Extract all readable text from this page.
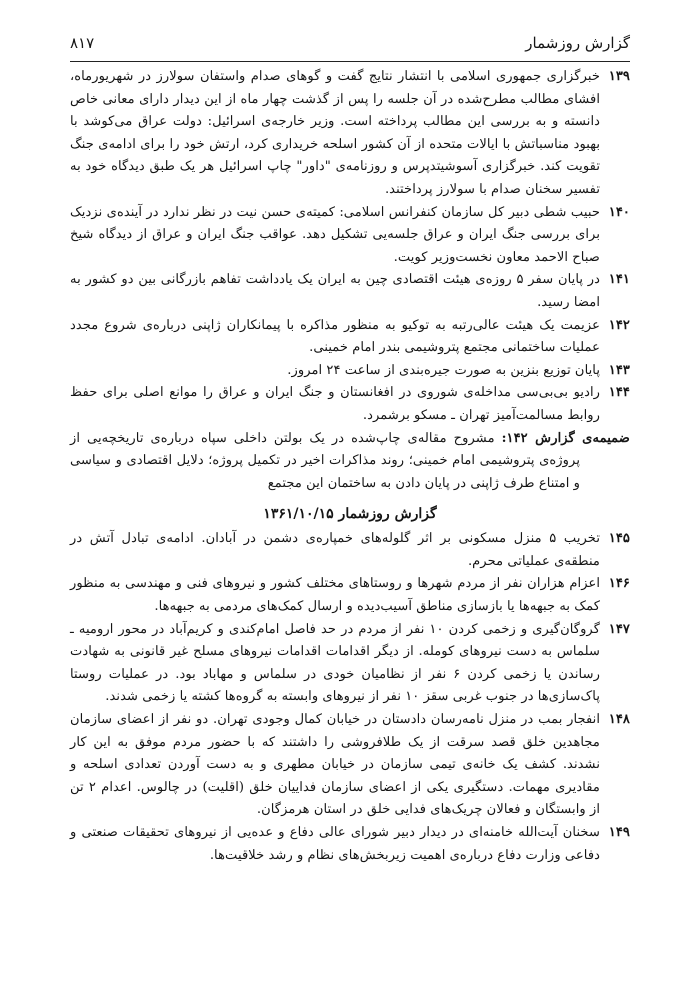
گزارش روزشمار
۸۱۷

۱۳۹
خبرگزاری جمهوری اسلامی با انتشار نتایج گفت و گوهای صدام واستفان سولارز در شهریورماه، افشای مطالب مطرح‌شده در آن جلسه را پس از گذشت چهار ماه از این دیدار دارای معانی خاص دانسته و به بررسی این مطالب پرداخته است. وزیر خارجه‌ی اسرائیل: دولت عراق می‌کوشد با بهبود مناسباتش با ایالات متحده از آن کشور اسلحه خریداری کرد، ارتش خود را برای ادامه‌ی جنگ تقویت کند. خبرگزاری آسوشیتدپرس و روزنامه‌ی "داور" چاپ اسرائیل هر یک طبق دیدگاه خود به تفسیر سخنان صدام با سولارز پرداختند.

۱۴۰
حبیب شطی دبیر کل سازمان کنفرانس اسلامی: کمیته‌ی حسن نیت در نظر ندارد در آینده‌ی نزدیک برای بررسی جنگ ایران و عراق جلسه‌یی تشکیل دهد. عواقب جنگ ایران و عراق از دیدگاه شیخ صباح الاحمد معاون نخست‌وزیر کویت.

۱۴۱
در پایان سفر ۵ روزه‌ی هیئت اقتصادی چین به ایران یک یادداشت تفاهم بازرگانی بین دو کشور به امضا رسید.

۱۴۲
عزیمت یک هیئت عالی‌رتبه به توکیو به منظور مذاکره با پیمانکاران ژاپنی درباره‌ی شروع مجدد عملیات ساختمانی مجتمع پتروشیمی بندر امام خمینی.

۱۴۳
پایان توزیع بنزین به صورت جیره‌بندی از ساعت ۲۴ امروز.

۱۴۴
رادیو بی‌بی‌سی مداخله‌ی شوروی در افغانستان و جنگ ایران و عراق را موانع اصلی برای حفظ روابط مسالمت‌آمیز تهران ـ مسکو برشمرد.

ضمیمه‌ی گزارش ۱۴۲: مشروح مقاله‌ی چاپ‌شده در یک بولتن داخلی سپاه درباره‌ی تاریخچه‌یی از پروژه‌ی پتروشیمی امام خمینی؛ روند مذاکرات اخیر در تکمیل پروژه؛ دلایل اقتصادی و سیاسی و امتناع طرف ژاپنی در پایان دادن به ساختمان این مجتمع

گزارش روزشمار ۱۳۶۱/۱۰/۱۵

۱۴۵
تخریب ۵ منزل مسکونی بر اثر گلوله‌های خمپاره‌ی دشمن در آبادان. ادامه‌ی تبادل آتش در منطقه‌ی عملیاتی محرم.

۱۴۶
اعزام هزاران نفر از مردم شهرها و روستاهای مختلف کشور و نیروهای فنی و مهندسی به منظور کمک به جبهه‌ها یا بازسازی مناطق آسیب‌دیده و ارسال کمک‌های مردمی به جبهه‌ها.

۱۴۷
گروگان‌گیری و زخمی کردن ۱۰ نفر از مردم در حد فاصل امام‌کندی و کریم‌آباد در محور ارومیه ـ سلماس به دست نیروهای کومله. از دیگر اقدامات اقدامات نیروهای مسلح غیر قانونی به شهادت رساندن یا زخمی کردن ۶ نفر از نظامیان خودی در سلماس و مهاباد بود. در عملیات روستا پاک‌سازی‌ها در جنوب غربی سقز ۱۰ نفر از نیروهای وابسته به گروه‌ها کشته یا زخمی شدند.

۱۴۸
انفجار بمب در منزل نامه‌رسان دادستان در خیابان کمال وجودی تهران. دو نفر از اعضای سازمان مجاهدین خلق قصد سرقت از یک طلافروشی را داشتند که با حضور مردم موفق به این کار نشدند. کشف یک خانه‌ی تیمی سازمان در خیابان مطهری و به دست آوردن تعدادی اسلحه و مقادیری مهمات. دستگیری یکی از اعضای سازمان فداییان خلق (اقلیت) در چالوس. اعدام ۲ تن از وابستگان و فعالان چریک‌های فدایی خلق در استان هرمزگان.

۱۴۹
سخنان آیت‌الله خامنه‌ای در دیدار دبیر شورای عالی دفاع و عده‌یی از نیروهای تحقیقات صنعتی و دفاعی وزارت دفاع درباره‌ی اهمیت زیربخش‌های نظام و رشد خلاقیت‌ها.
